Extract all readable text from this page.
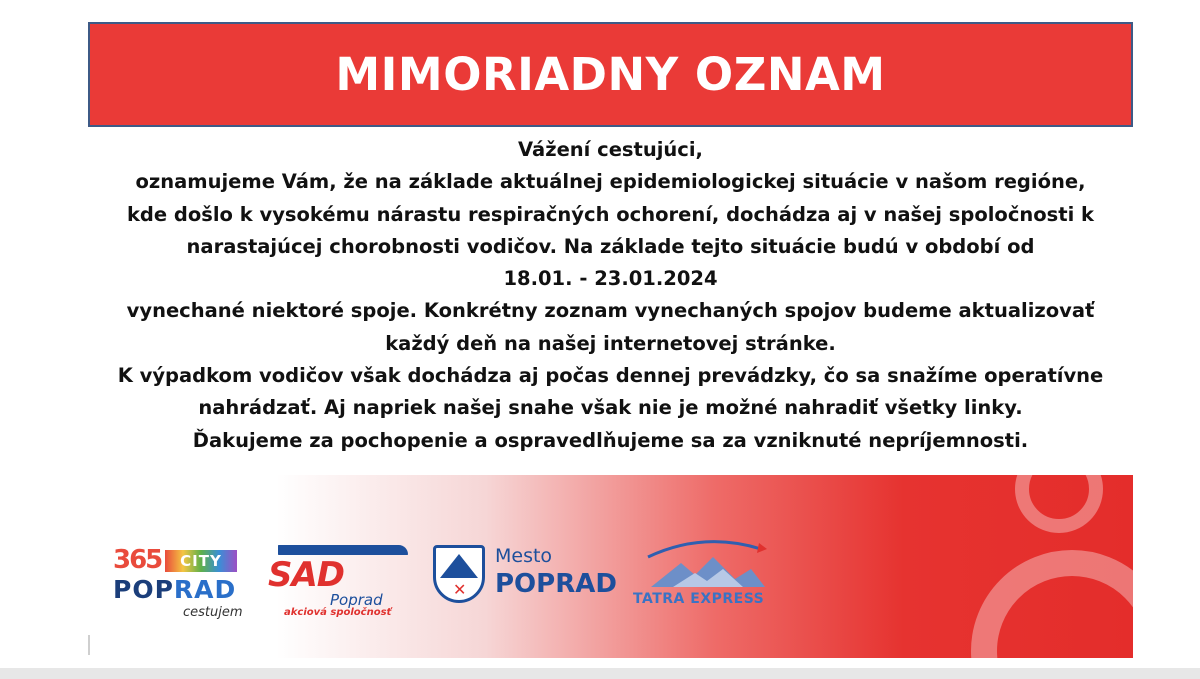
MIMORIADNY OZNAM

Vážení cestujúci,

oznamujeme Vám, že na základe aktuálnej epidemiologickej situácie v našom regióne,

kde došlo k vysokému nárastu respiračných ochorení, dochádza aj v našej spoločnosti k

narastajúcej chorobnosti vodičov. Na základe tejto situácie budú v období od

18.01. - 23.01.2024

vynechané niektoré spoje. Konkrétny zoznam vynechaných spojov budeme aktualizovať

každý deň na našej internetovej stránke.

K výpadkom vodičov však dochádza aj počas dennej prevádzky, čo sa snažíme operatívne

nahrádzať. Aj napriek našej snahe však nie je možné nahradiť všetky linky.

Ďakujeme za pochopenie a ospravedlňujeme sa za vzniknuté nepríjemnosti.

365	CITY
POPRAD
cestujem
SAD
Poprad
akciová spoločnosť
✕
Mesto
POPRAD TATRA EXPRESS
